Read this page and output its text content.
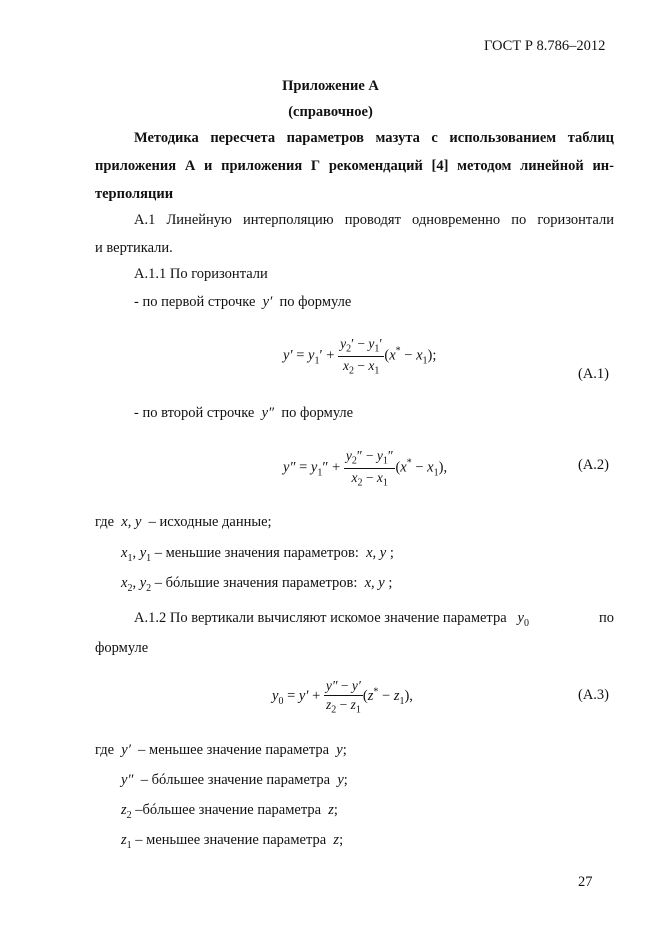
ГОСТ Р 8.786–2012
Приложение А
(справочное)
Методика пересчета параметров мазута с использованием таблиц
приложения А и приложения Г рекомендаций [4] методом линейной ин-
терполяции
А.1 Линейную интерполяцию проводят одновременно по горизонтали
и вертикали.
А.1.1 По горизонтали
- по первой строчке  y′  по формуле
$y' = y_1' + \frac{y_2' - y_1'}{x_2 - x_1} (x^* - x_1)$;
(А.1)
- по второй строчке  y″  по формуле
$y'' = y_1'' + \frac{y_2'' - y_1''}{x_2 - x_1} (x^* - x_1)$,	(А.2)
где  x, y  – исходные данные;
$x_1$, $y_1$ – меньшие значения параметров:  x, y ;
$x_2$, $y_2$ – бóльшие значения параметров:  x, y ;
А.1.2 По вертикали вычисляют искомое значение параметра   $y_0$	по
формуле
$y_0 = y' + \frac{y'' - y'}{z_2 - z_1} (z^* - z_1)$,	(А.3)
где  y′  – меньшее значение параметра  y;
y″  – бóльшее значение параметра  y;
$z_2$ –бóльшее значение параметра  z;
$z_1$ – меньшее значение параметра  z;
27
